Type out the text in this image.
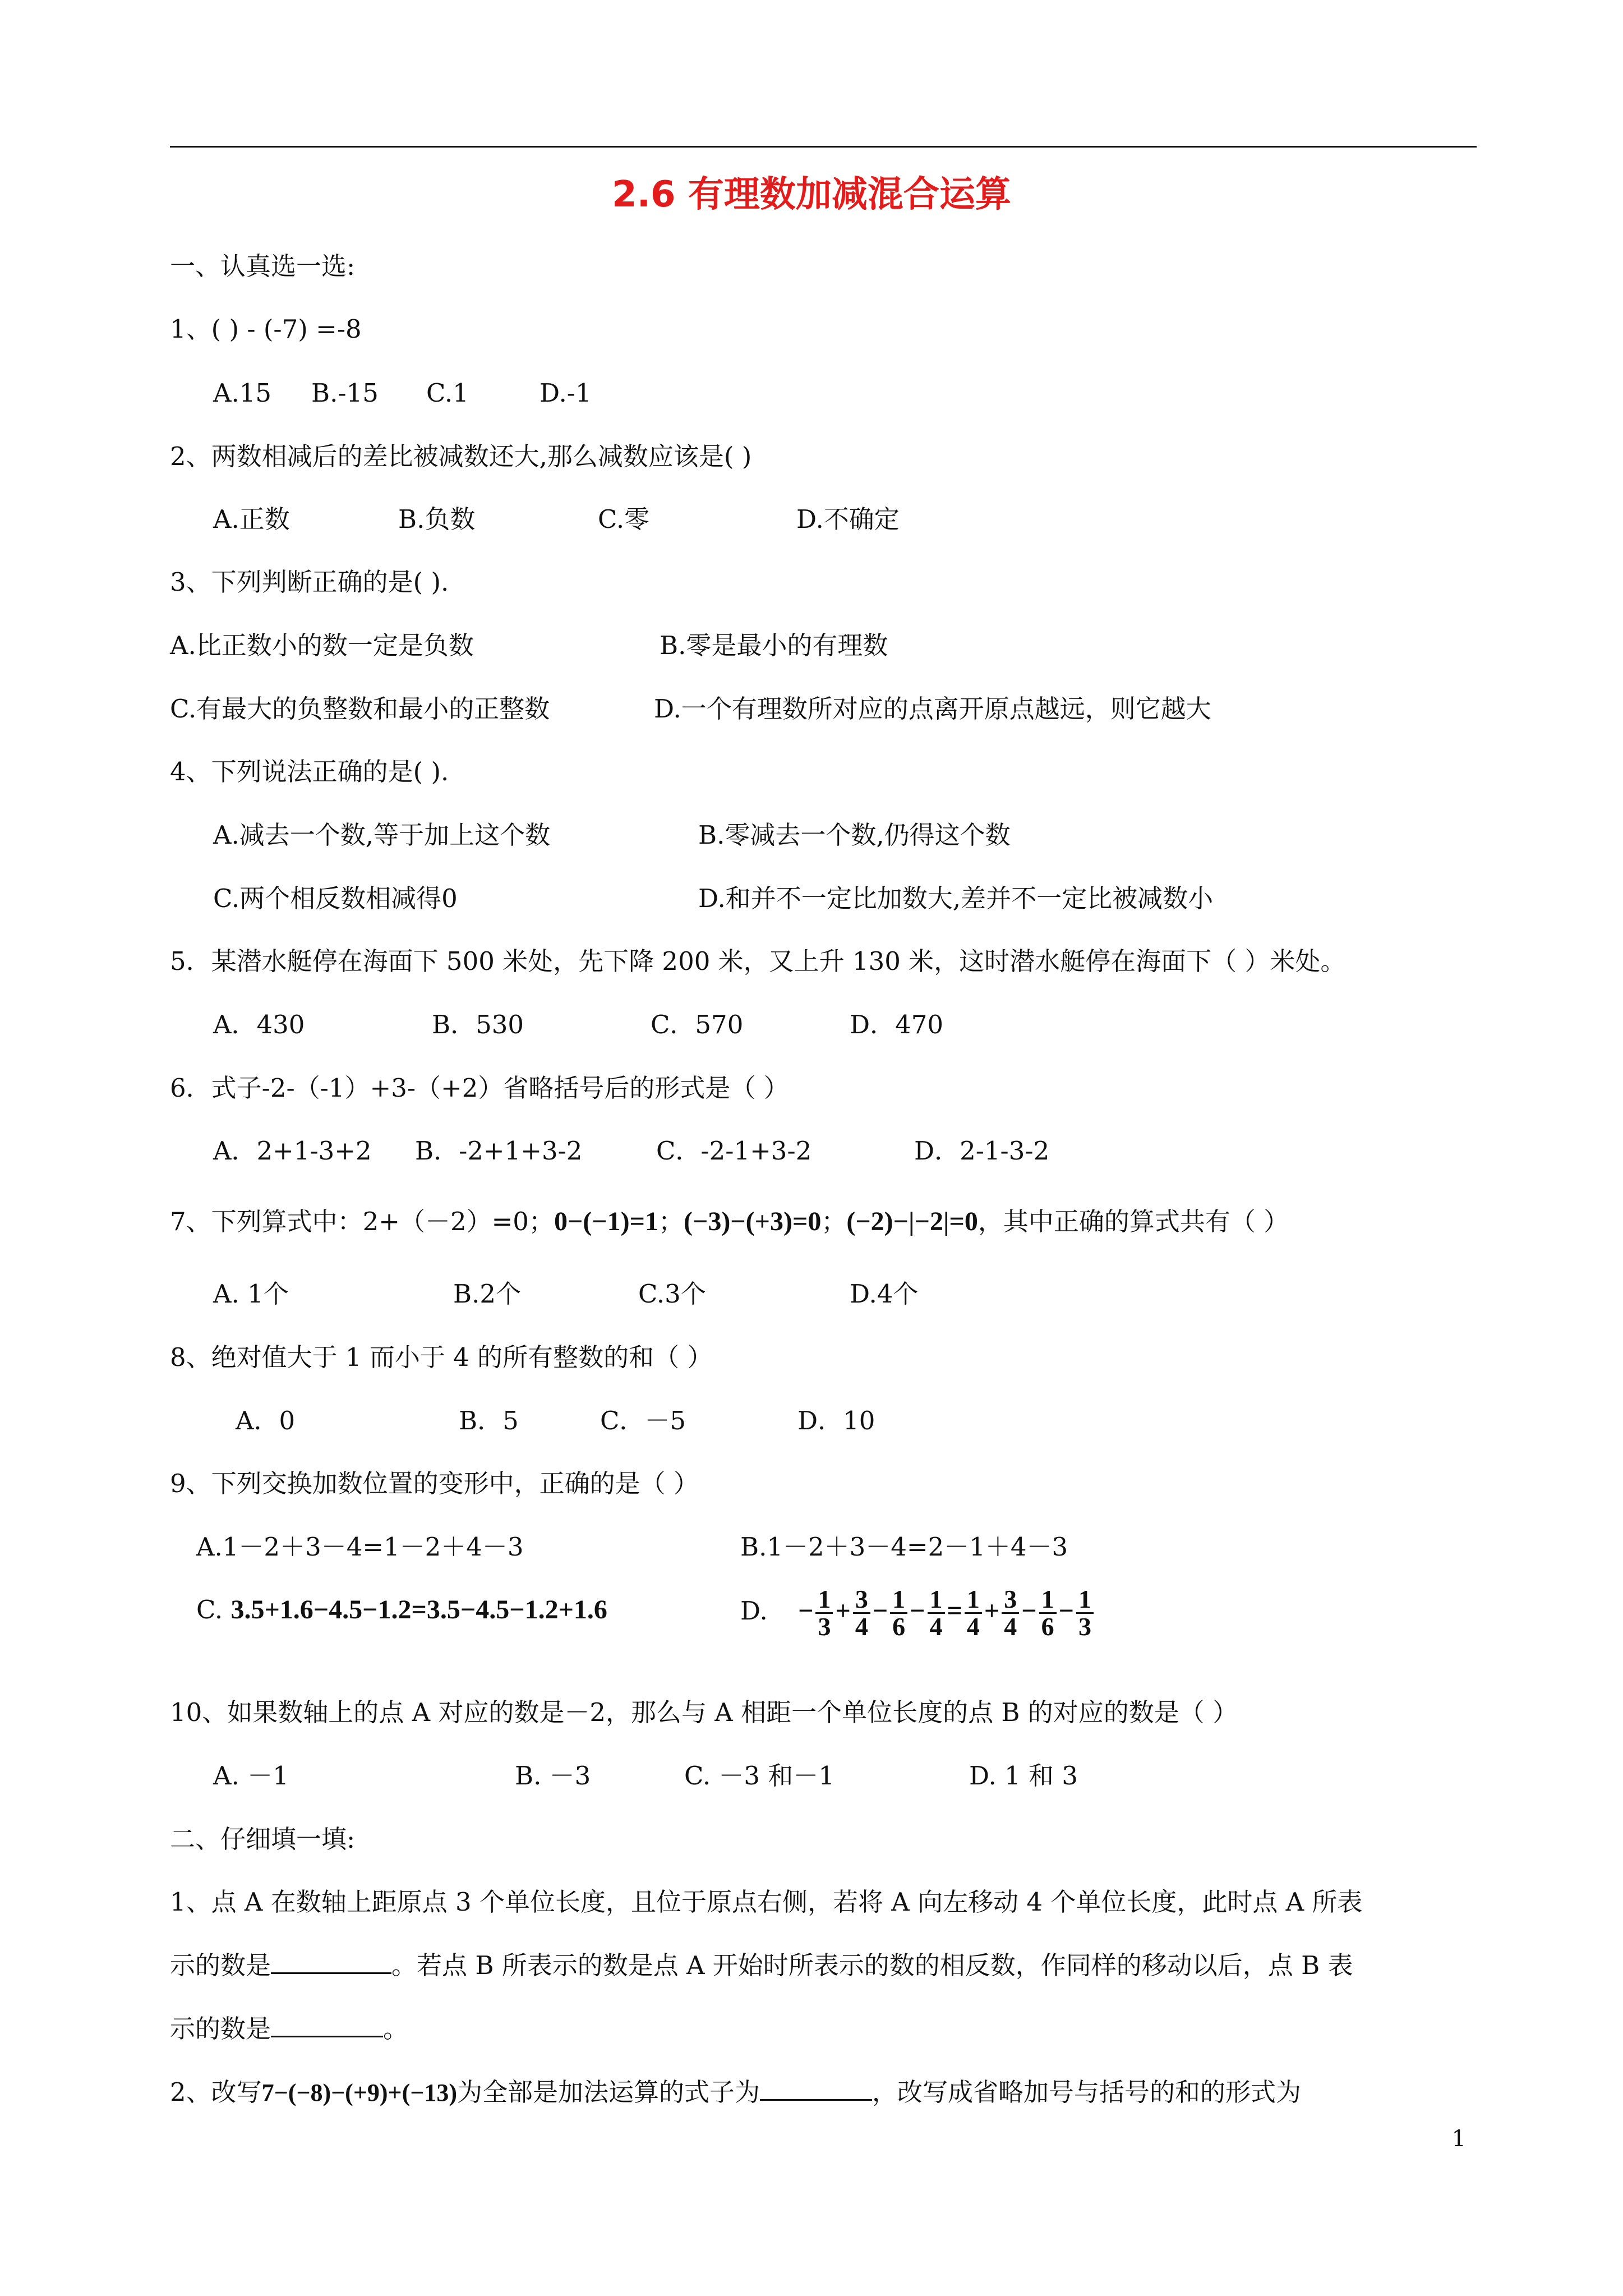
2.6 有理数加减混合运算
一、认真选一选:
1、( ) - (-7) =-8
A.15 B.-15 C.1	D.-1
2、两数相减后的差比被减数还大,那么减数应该是( )
A.正数	B.负数	C.零	D.不确定
3、下列判断正确的是( ).
A.比正数小的数一定是负数	B.零是最小的有理数
C.有最大的负整数和最小的正整数	D.一个有理数所对应的点离开原点越远，则它越大
4、下列说法正确的是( ).
A.减去一个数,等于加上这个数	B.零减去一个数,仍得这个数
C.两个相反数相减得0	D.和并不一定比加数大,差并不一定比被减数小
5．某潜水艇停在海面下 500 米处，先下降 200 米，又上升 130 米，这时潜水艇停在海面下（ ）米处。
A．430	B．530	C．570	D．470
6．式子-2-（-1）+3-（+2）省略括号后的形式是（ ）
A．2+1-3+2 B．-2+1+3-2	C．-2-1+3-2	D．2-1-3-2
7、下列算式中：2+（－2）=0；0−(−1)=1；(−3)−(+3)=0；(−2)−|−2|=0，其中正确的算式共有（ ）
A. 1个	B.2个	C.3个	D.4个
8、绝对值大于 1 而小于 4 的所有整数的和（ ）
A．0	B．5	C．－5	D．10
9、下列交换加数位置的变形中，正确的是（ ）
A.1－2＋3－4=1－2＋4－3	B.1－2＋3－4=2－1＋4－3
C. 3.5+1.6−4.5−1.2=3.5−4.5−1.2+1.6	D. − $\frac{1}{3} + \frac{3}{4} - \frac{1}{6} - \frac{1}{4} = \frac{1}{4} + \frac{3}{4} - \frac{1}{6} - \frac{1}{3}$
10、如果数轴上的点 A 对应的数是－2，那么与 A 相距一个单位长度的点 B 的对应的数是（ ）
A. －1	B. －3	C. －3 和－1	D. 1 和 3
二、仔细填一填:
1、点 A 在数轴上距原点 3 个单位长度，且位于原点右侧，若将 A 向左移动 4 个单位长度，此时点 A 所表
示的数是	。若点 B 所表示的数是点 A 开始时所表示的数的相反数，作同样的移动以后，点 B 表
示的数是	。
2、改写7−(−8)−(+9)+(−13)为全部是加法运算的式子为	，改写成省略加号与括号的和的形式为
1
